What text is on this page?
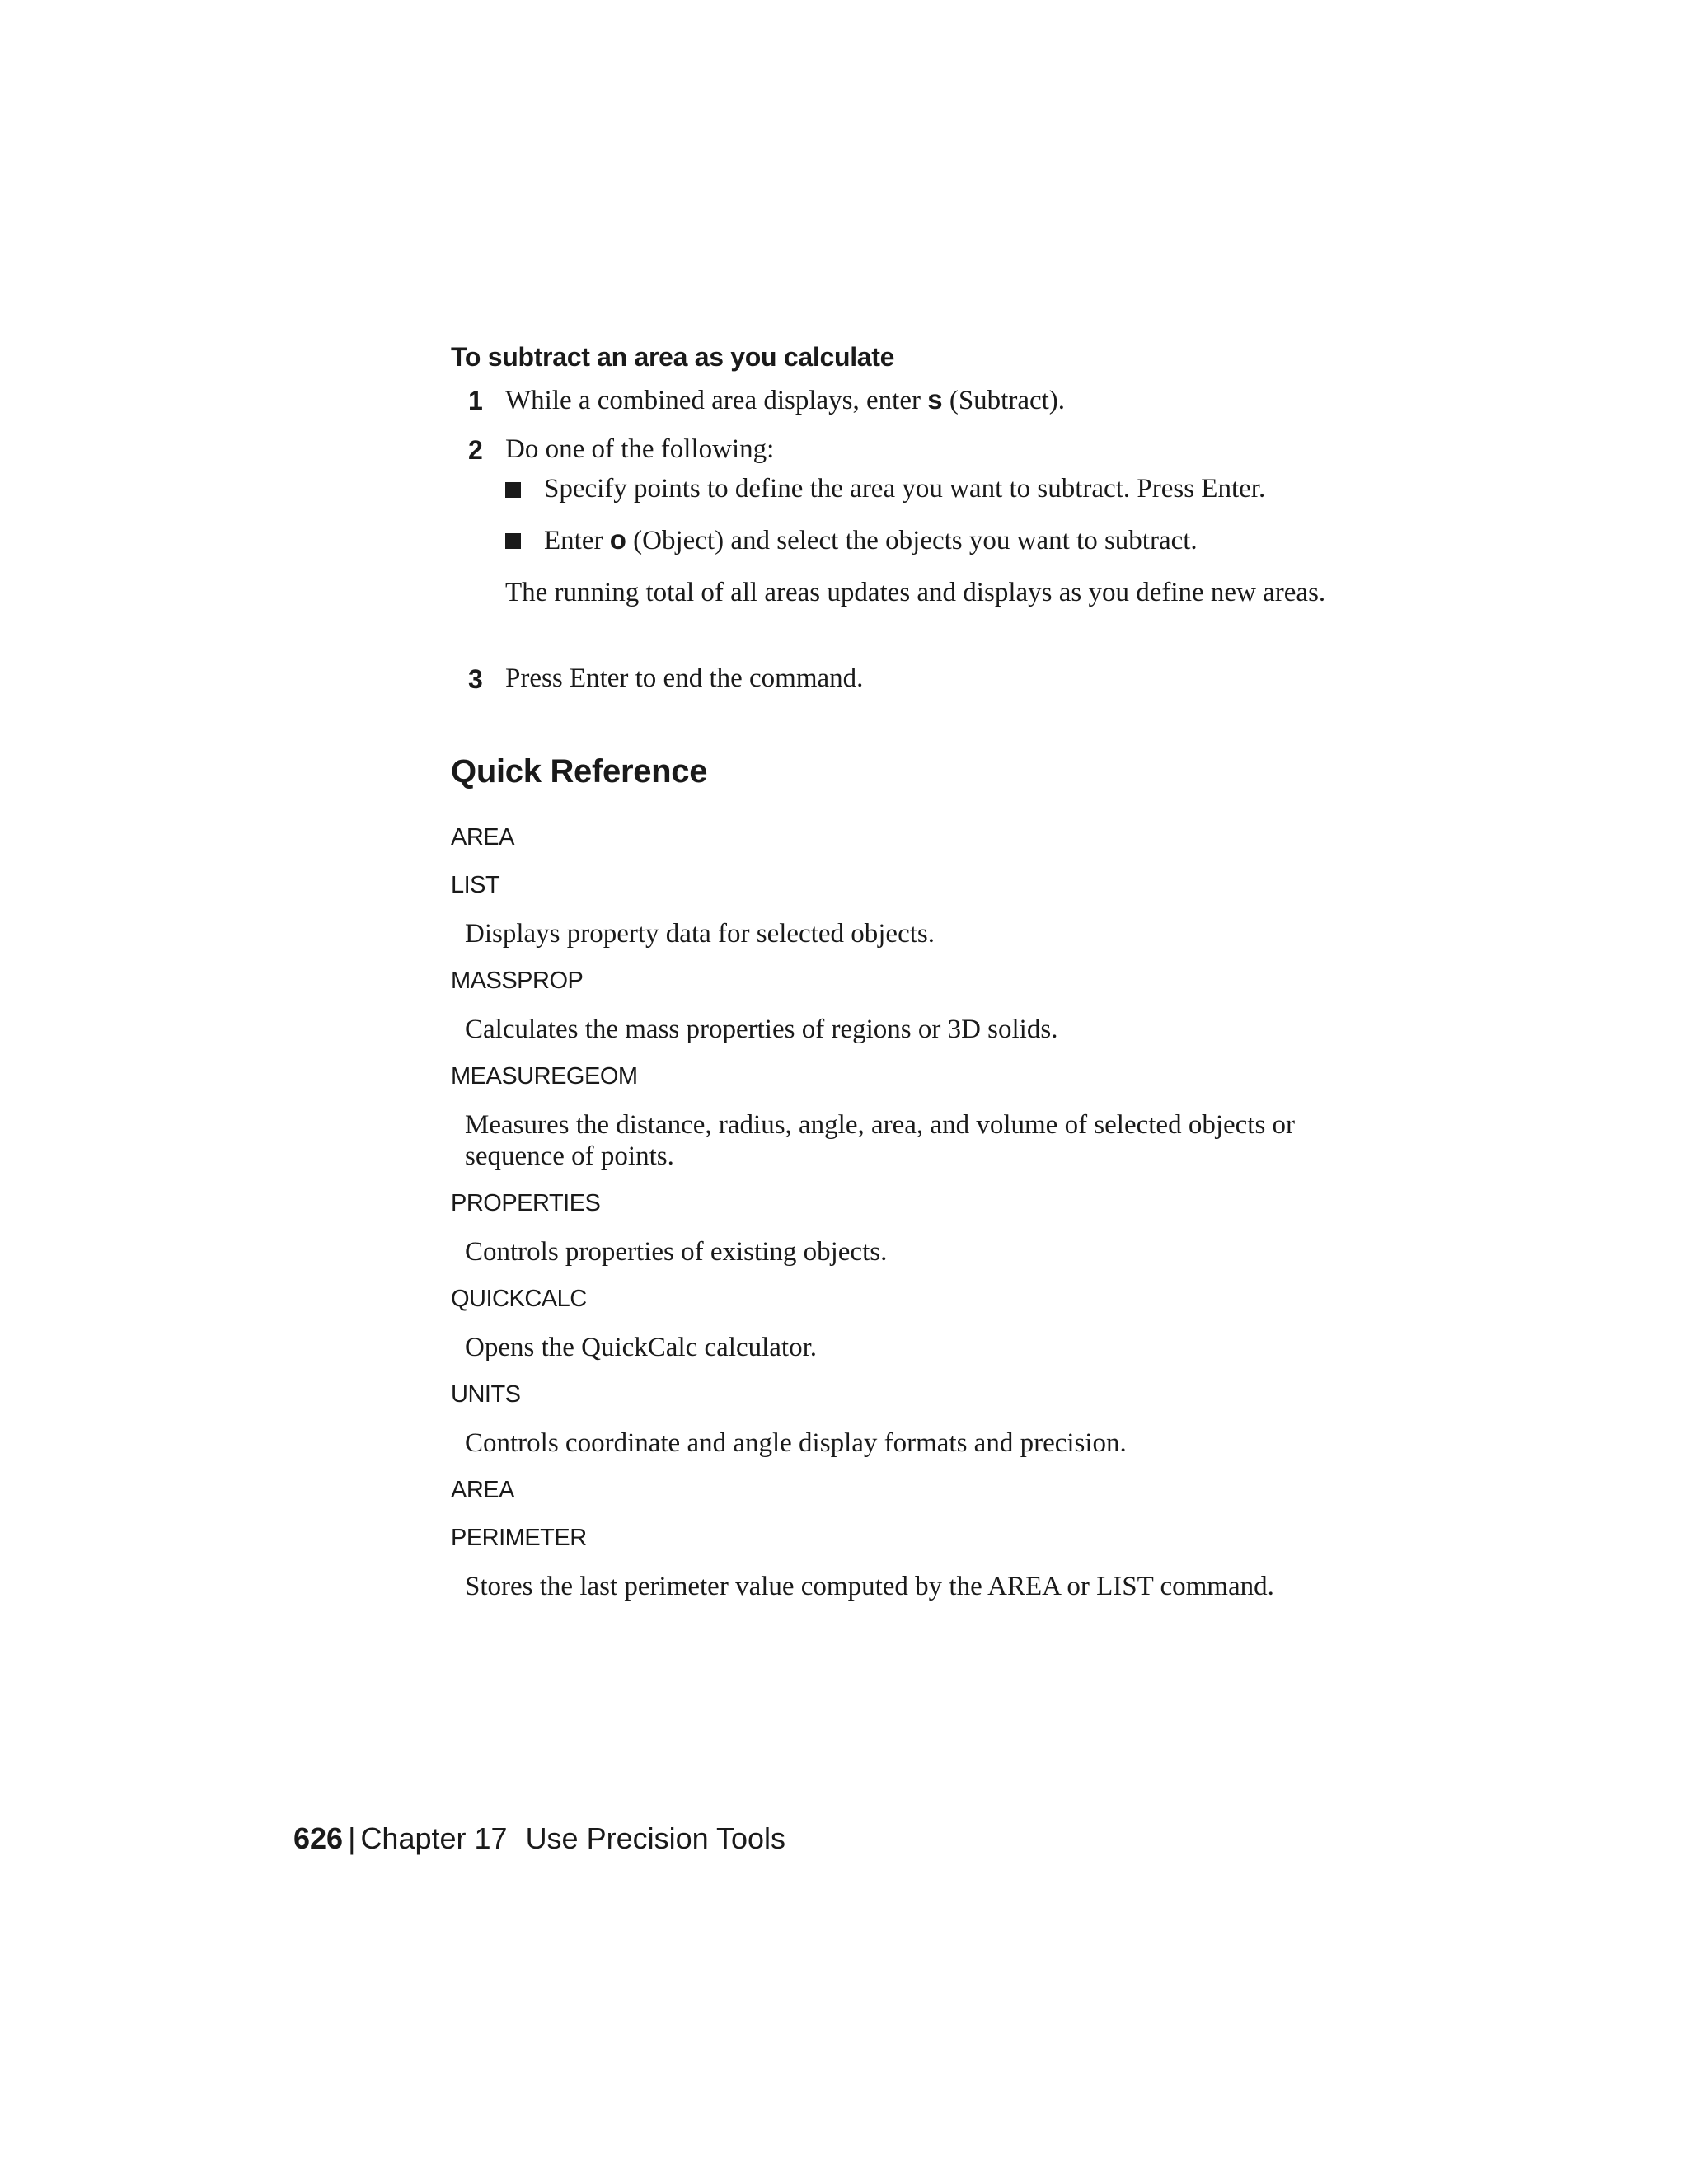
To subtract an area as you calculate
1 While a combined area displays, enter s (Subtract).
2 Do one of the following:
Specify points to define the area you want to subtract. Press Enter.
Enter o (Object) and select the objects you want to subtract.
The running total of all areas updates and displays as you define new areas.
3 Press Enter to end the command.
Quick Reference
AREA
LIST
Displays property data for selected objects.
MASSPROP
Calculates the mass properties of regions or 3D solids.
MEASUREGEOM
Measures the distance, radius, angle, area, and volume of selected objects or sequence of points.
PROPERTIES
Controls properties of existing objects.
QUICKCALC
Opens the QuickCalc calculator.
UNITS
Controls coordinate and angle display formats and precision.
AREA
PERIMETER
Stores the last perimeter value computed by the AREA or LIST command.
626 | Chapter 17 Use Precision Tools
